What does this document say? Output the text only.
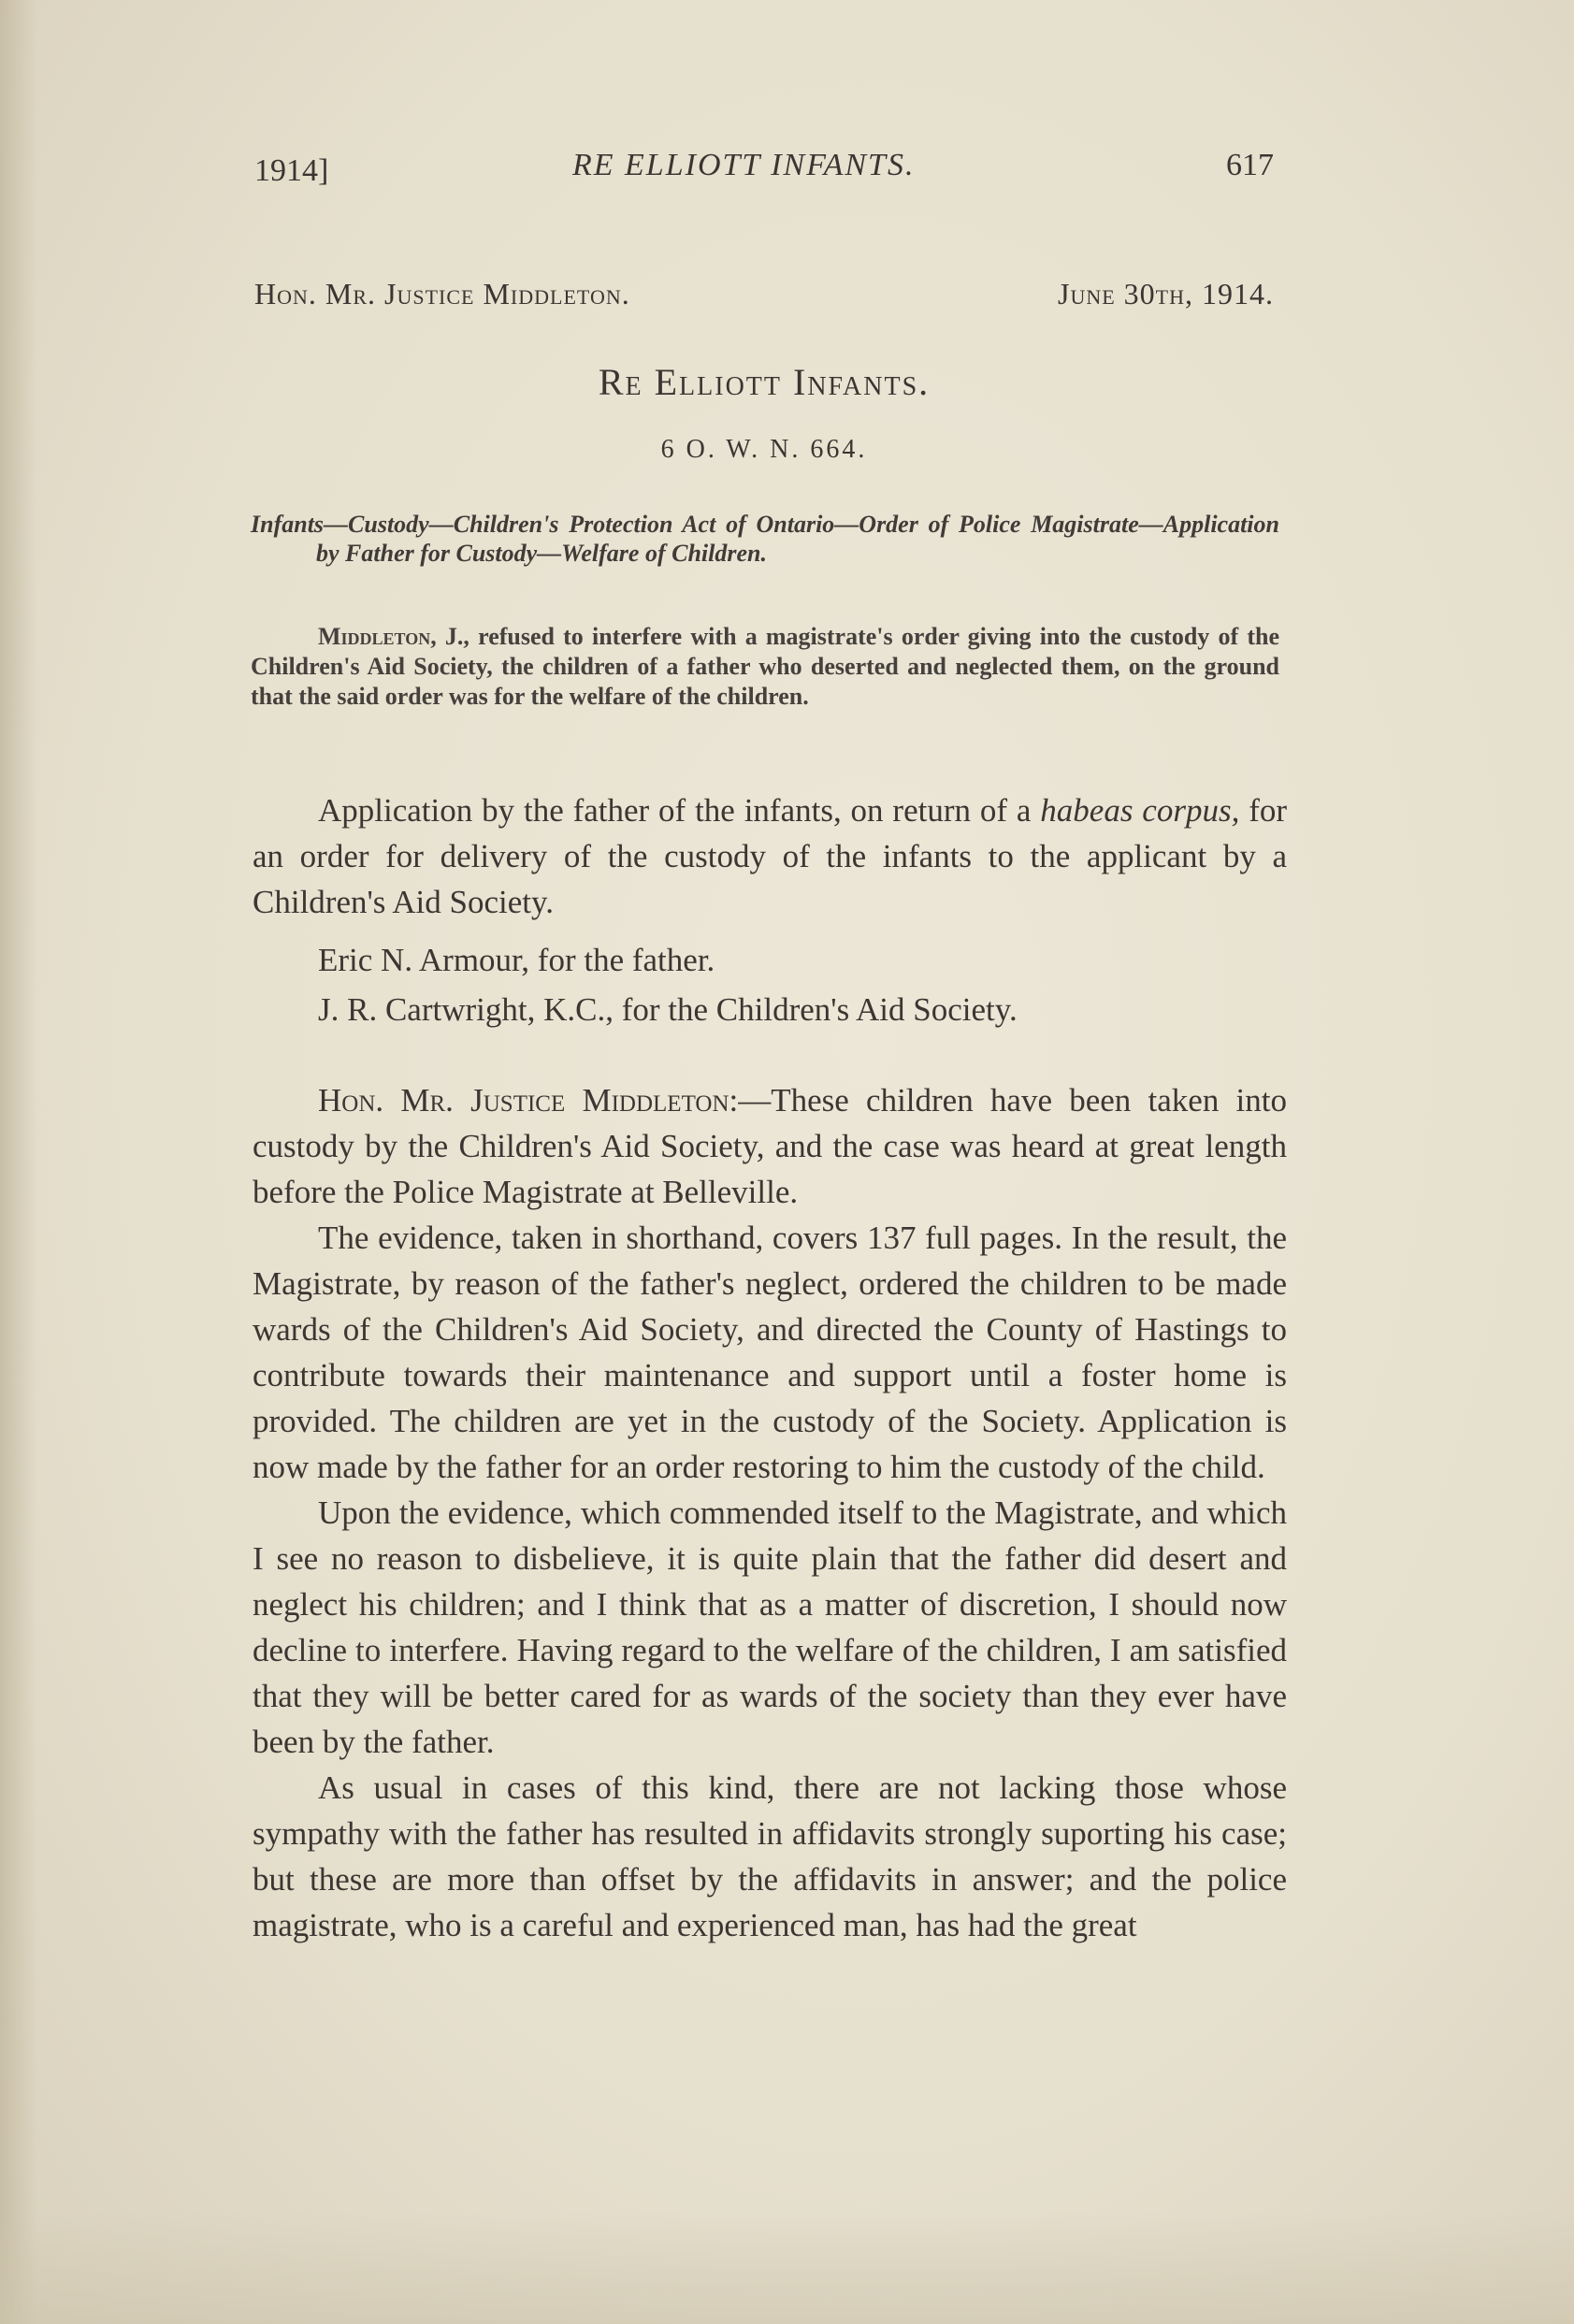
1914]	RE ELLIOTT INFANTS.	617
Hon. Mr. Justice Middleton.	June 30th, 1914.
Re Elliott Infants.
6 O. W. N. 664.

Infants—Custody—Children's Protection Act of Ontario—Order of Police Magistrate—Application by Father for Custody—Welfare of Children.

Middleton, J., refused to interfere with a magistrate's order giving into the custody of the Children's Aid Society, the children of a father who deserted and neglected them, on the ground that the said order was for the welfare of the children.

Application by the father of the infants, on return of a habeas corpus, for an order for delivery of the custody of the infants to the applicant by a Children's Aid Society.

Eric N. Armour, for the father.

J. R. Cartwright, K.C., for the Children's Aid Society.

Hon. Mr. Justice Middleton:—These children have been taken into custody by the Children's Aid Society, and the case was heard at great length before the Police Magistrate at Belleville.

The evidence, taken in shorthand, covers 137 full pages. In the result, the Magistrate, by reason of the father's neglect, ordered the children to be made wards of the Children's Aid Society, and directed the County of Hastings to contribute towards their maintenance and support until a foster home is provided. The children are yet in the custody of the Society. Application is now made by the father for an order restoring to him the custody of the child.

Upon the evidence, which commended itself to the Magistrate, and which I see no reason to disbelieve, it is quite plain that the father did desert and neglect his children; and I think that as a matter of discretion, I should now decline to interfere. Having regard to the welfare of the children, I am satisfied that they will be better cared for as wards of the society than they ever have been by the father.

As usual in cases of this kind, there are not lacking those whose sympathy with the father has resulted in affidavits strongly suporting his case; but these are more than offset by the affidavits in answer; and the police magistrate, who is a careful and experienced man, has had the great
